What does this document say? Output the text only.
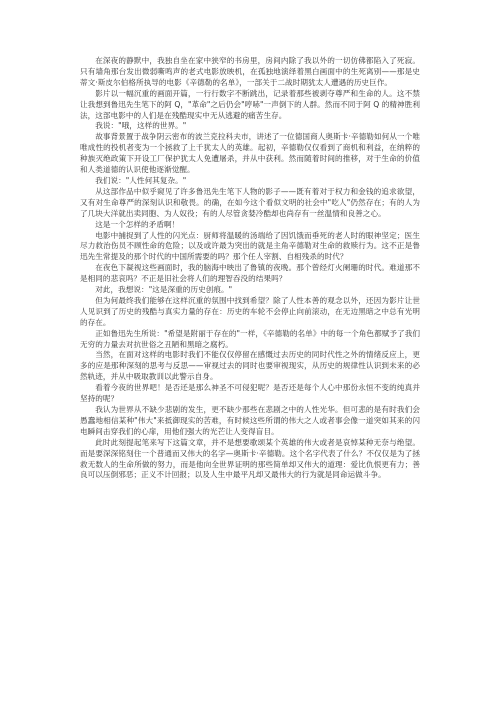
在深夜的静默中，我独自坐在家中狭窄的书房里，房间内除了我以外的一切仿佛都陷入了死寂。只有墙角那台发出微弱嘶鸣声的老式电影放映机，在孤独地演绎着黑白画面中的生死离别——那是史蒂文·斯皮尔伯格所执导的电影《辛德勒的名单》，一部关于二战时期犹太人遭遇的历史巨作。

影片以一幅沉重的画面开篇，一行行数字不断跳出，记录着那些被剥夺尊严和生命的人。这不禁让我想到鲁迅先生笔下的阿 Q，"革命"之后仍会"哼哧"一声倒下的人群。然而不同于阿 Q 的精神胜利法，这部电影中的人们是在残酷现实中无从逃避的痛苦生存。

我说："哦，这样的世界。"

故事背景置于战争阴云密布的波兰克拉科夫市，讲述了一位德国商人奥斯卡·辛德勒如何从一个唯唯成性的投机者变为一个拯救了上千犹太人的英雄。起初，辛德勒仅仅看到了商机和利益，在纳粹的种族灭绝政策下开设工厂保护犹太人免遭屠杀，并从中获利。然而随着时间的推移，对于生命的价值和人类道德的认识使他逐渐觉醒。

我们说："人性何其复杂。"

从这部作品中似乎窥见了许多鲁迅先生笔下人物的影子——既有着对于权力和金钱的追求欲望，又有对生命尊严的深刻认识和敬畏。的确，在如今这个看似文明的社会中"吃人"仍然存在；有的人为了几块大洋就出卖同胞、为人奴役；有的人尽管贪婪冷酷却也尚存有一丝温情和良善之心。

这是一个怎样的矛盾啊！

电影中捕捉到了人性的闪光点：厨师将温暖的汤端给了因饥饿而垂死的老人时的眼神坚定；医生尽力救治伤员不顾性命的危险；以及或许最为突出的就是主角辛德勒对生命的救赎行为。这不正是鲁迅先生常提及的那个时代的中国所需要的吗？那个任人宰割、自相残杀的时代？

在夜色下凝视这些画面时，我的脑海中映出了鲁镇的夜晚。那个曾经灯火阑珊的时代。难道那不是相同的悲哀吗？不正是旧社会将人们的理智吞没的结果吗？

对此，我想说："这是深重的历史创痕。"

但为何最终我们能够在这样沉重的氛围中找到希望？除了人性本善的观念以外，还因为影片让世人见识到了历史的残酷与真实力量的存在：历史的车轮不会停止向前滚动，在无边黑暗之中总有光明的存在。

正如鲁迅先生所说："希望是附丽于存在的"一样，《辛德勒的名单》中的每一个角色都赋予了我们无穷的力量去对抗世俗之丑陋和黑暗之腐朽。

当然，在面对这样的电影时我们不能仅仅停留在感慨过去历史的同时代性之外的情绪反应上，更多的应是那种深刻的思考与反思——审视过去的同时也要审视现实，从历史的规律性认识到未来的必然轨迹，并从中吸取教训以此警示自身。

看着今夜的世界吧！是否还是那么神圣不可侵犯呢？是否还是每个人心中那份永恒不变的纯真并坚持的呢？

我认为世界从不缺少悲剧的发生，更不缺少那些在悲剧之中的人性光华。但可悲的是有时我们会愚蠢地相信某种"伟大"来抵御现实的苦难，有时候这些所谓的伟大之人或者事会像一道突如其来的闪电瞬间击穿我们的心扉，用他们强大的光芒让人变得盲目。

此时此刻提起笔来写下这篇文章，并不是想要歌颂某个英雄的伟大或者是哀悼某种无奈与绝望。而是要深深铭刻住一个普通而又伟大的名字—奥斯卡·辛德勒。这个名字代表了什么？不仅仅是为了拯救无数人的生命所做的努力，而是他向全世界证明的那些简单却又伟大的道理：爱比仇恨更有力；善良可以压倒邪恶；正义不计回报；以及人生中最平凡却又最伟大的行为就是同命运做斗争。
